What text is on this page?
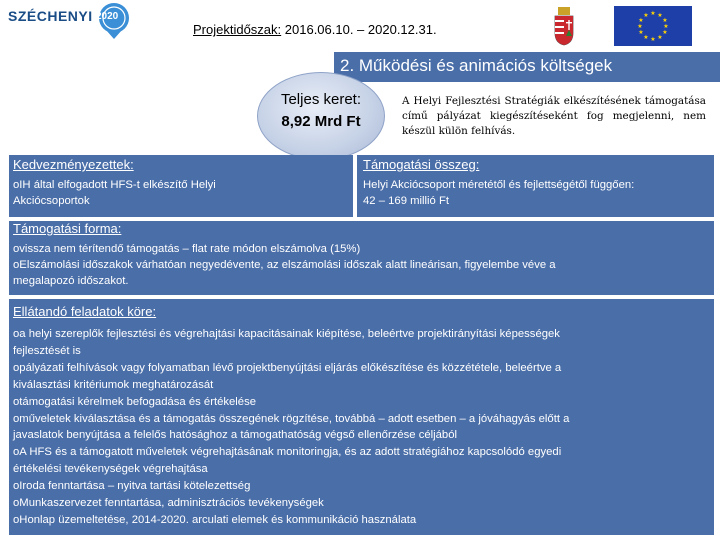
SZÉCHENYI 2020
Projektidőszak: 2016.06.10. – 2020.12.31.
★ ★
★
★
★
★
★
★
★
★
★
★
2. Működési és animációs költségek
Teljes keret:
8,92 Mrd Ft
A Helyi Fejlesztési Stratégiák elkészítésének támogatása című pályázat kiegészítéseként fog megjelenni, nem készül külön felhívás.
Kedvezményezettek:
oIH által elfogadott HFS-t elkészítő Helyi
Akciócsoportok
Támogatási összeg:
Helyi Akciócsoport méretétől és fejlettségétől függően:
42 – 169 millió Ft
Támogatási forma:
ovissza nem térítendő támogatás – flat rate módon elszámolva (15%)
oElszámolási időszakok várhatóan negyedévente, az elszámolási időszak alatt lineárisan, figyelembe véve a
megalapozó időszakot.
Ellátandó feladatok köre:
oa helyi szereplők fejlesztési és végrehajtási kapacitásainak kiépítése, beleértve projektirányítási képességek
fejlesztését is
opályázati felhívások vagy folyamatban lévő projektbenyújtási eljárás előkészítése és közzététele, beleértve a
kiválasztási kritériumok meghatározását
otámogatási kérelmek befogadása és értékelése
oműveletek kiválasztása és a támogatás összegének rögzítése, továbbá – adott esetben – a jóváhagyás előtt a
javaslatok benyújtása a felelős hatósághoz a támogathatóság végső ellenőrzése céljából
oA HFS és a támogatott műveletek végrehajtásának monitoringja, és az adott stratégiához kapcsolódó egyedi
értékelési tevékenységek végrehajtása
oIroda fenntartása – nyitva tartási kötelezettség
oMunkaszervezet fenntartása, adminisztrációs tevékenységek
oHonlap üzemeltetése, 2014-2020. arculati elemek és kommunikáció használata
